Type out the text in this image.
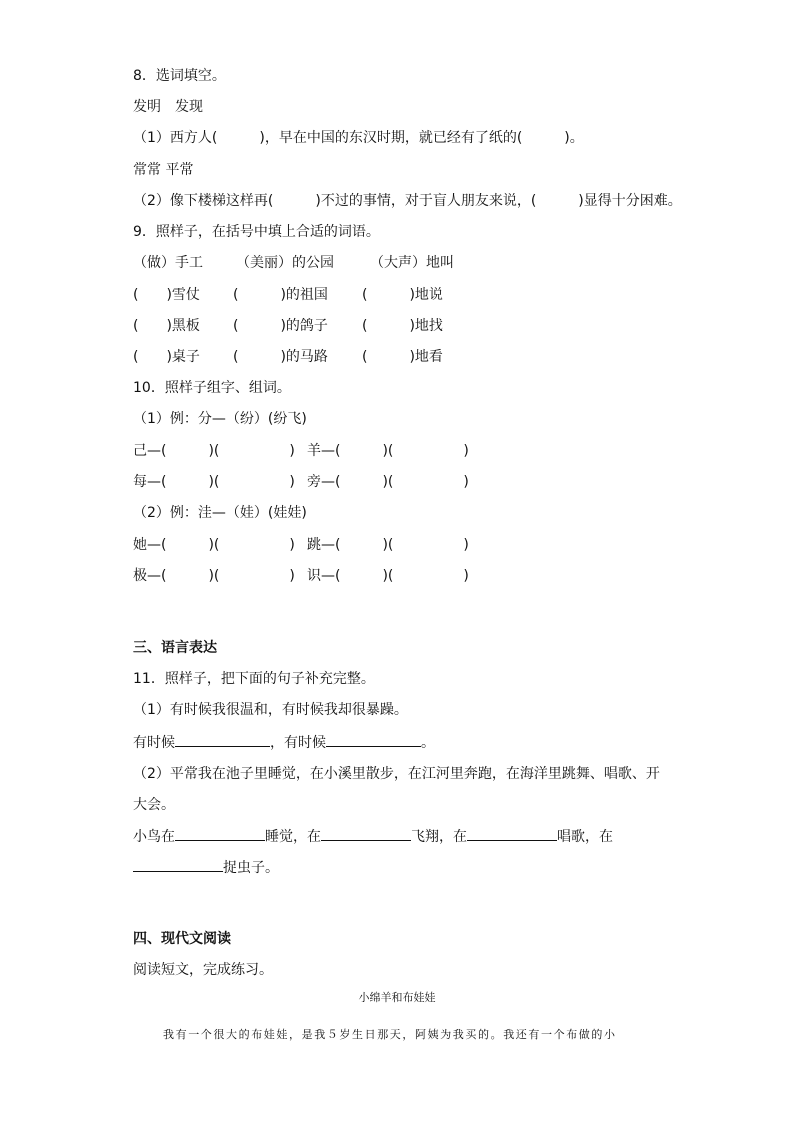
8．选词填空。
发明　发现
（1）西方人(　　　)，早在中国的东汉时期，就已经有了纸的(　　　)。
常常 平常
（2）像下楼梯这样再(　　　)不过的事情，对于盲人朋友来说，(　　　)显得十分困难。
9．照样子，在括号中填上合适的词语。
（做）手工 （美丽）的公园	（大声）地叫
(　　)雪仗 (　　　)的祖国 (　　　)地说
(　　)黑板 (　　　)的鸽子 (　　　)地找
(　　)桌子 (　　　)的马路 (　　　)地看
10．照样子组字、组词。
（1）例：分—（纷）(纷飞)
己—(　　　)(　　　　　) 羊—(　　　)(　　　　　)
每—(　　　)(　　　　　) 旁—(　　　)(　　　　　)
（2）例：洼—（娃）(娃娃)
她—(　　　)(　　　　　) 跳—(　　　)(　　　　　)
极—(　　　)(　　　　　) 识—(　　　)(　　　　　)
三、语言表达
11．照样子，把下面的句子补充完整。
（1）有时候我很温和，有时候我却很暴躁。
有时候	，有时候	。
（2）平常我在池子里睡觉，在小溪里散步，在江河里奔跑，在海洋里跳舞、唱歌、开
大会。
小鸟在	睡觉，在	飞翔，在	唱歌，在
捉虫子。
四、现代文阅读
阅读短文，完成练习。
小绵羊和布娃娃
我有一个很大的布娃娃，是我５岁生日那天，阿姨为我买的。我还有一个布做的小
